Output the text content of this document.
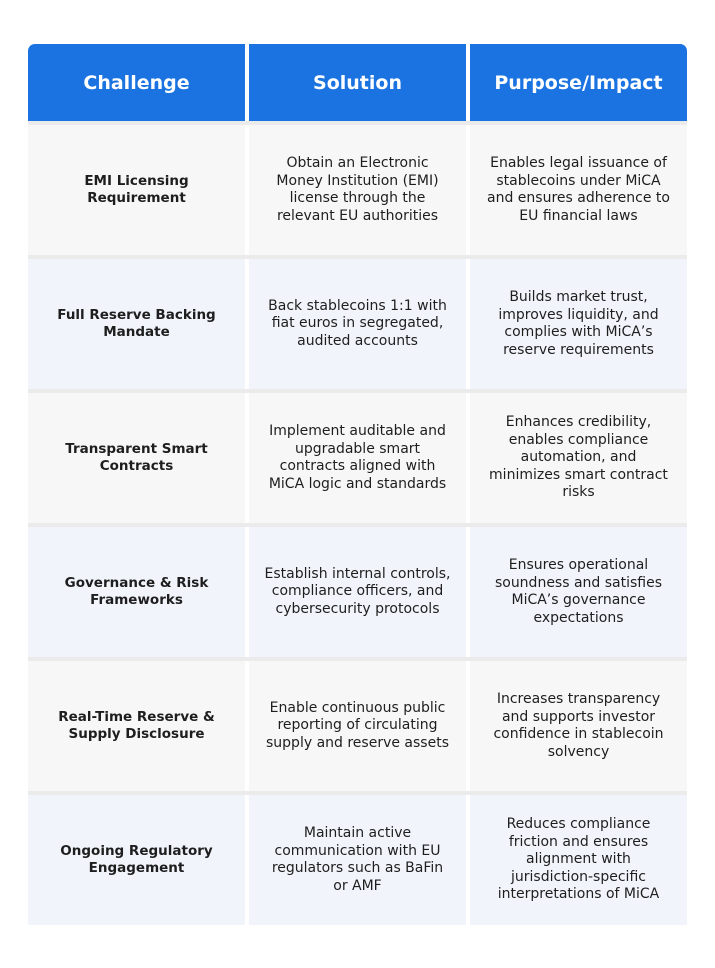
Challenge	Solution	Purpose/Impact
EMI Licensing Requirement
Obtain an Electronic Money Institution (EMI) license through the relevant EU authorities
Enables legal issuance of stablecoins under MiCA and ensures adherence to EU financial laws
Full Reserve Backing Mandate
Back stablecoins 1:1 with fiat euros in segregated, audited accounts
Builds market trust, improves liquidity, and complies with MiCA’s reserve requirements
Transparent Smart Contracts
Implement auditable and upgradable smart contracts aligned with MiCA logic and standards
Enhances credibility, enables compliance automation, and minimizes smart contract risks
Governance & Risk Frameworks
Establish internal controls, compliance officers, and cybersecurity protocols
Ensures operational soundness and satisfies MiCA’s governance expectations
Real-Time Reserve & Supply Disclosure
Enable continuous public reporting of circulating supply and reserve assets
Increases transparency and supports investor confidence in stablecoin solvency
Ongoing Regulatory Engagement
Maintain active communication with EU regulators such as BaFin or AMF
Reduces compliance friction and ensures alignment with jurisdiction-specific interpretations of MiCA
